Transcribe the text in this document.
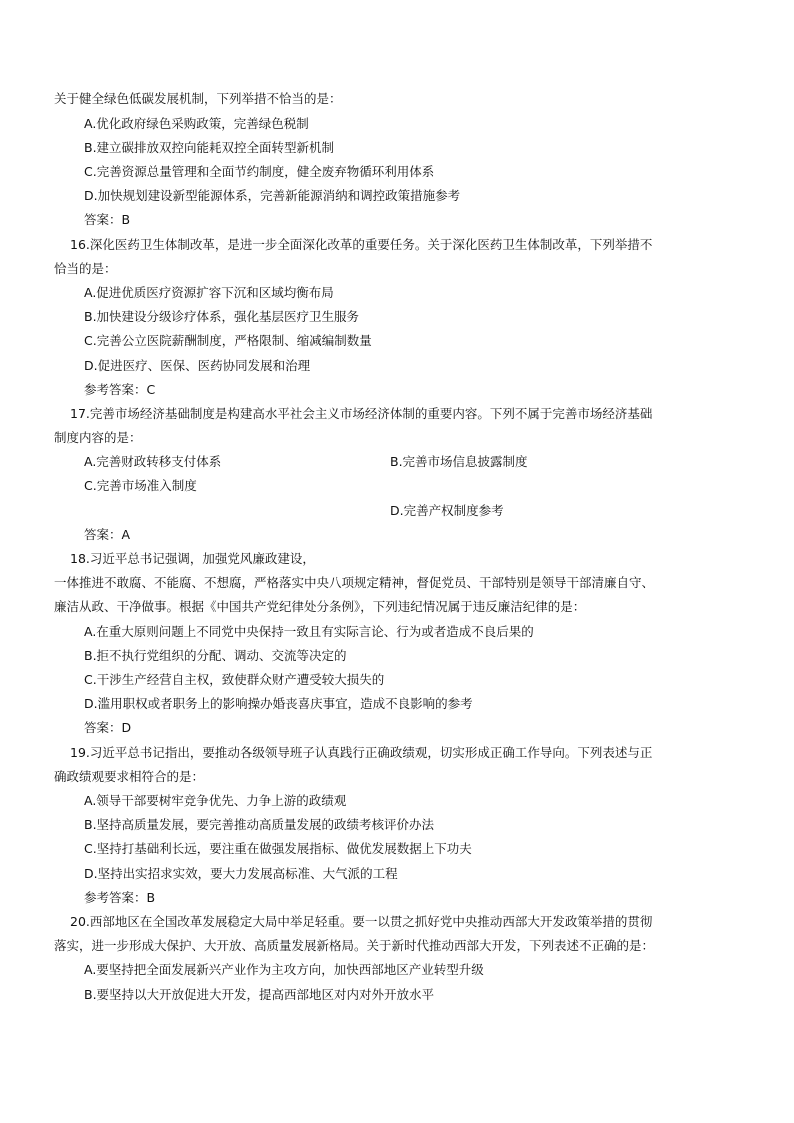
关于健全绿色低碳发展机制，下列举措不恰当的是：
A.优化政府绿色采购政策，完善绿色税制
B.建立碳排放双控向能耗双控全面转型新机制
C.完善资源总量管理和全面节约制度，健全废弃物循环利用体系
D.加快规划建设新型能源体系，完善新能源消纳和调控政策措施参考
答案：B
16.深化医药卫生体制改革，是进一步全面深化改革的重要任务。关于深化医药卫生体制改革，下列举措不
恰当的是：
A.促进优质医疗资源扩容下沉和区域均衡布局
B.加快建设分级诊疗体系，强化基层医疗卫生服务
C.完善公立医院薪酬制度，严格限制、缩减编制数量
D.促进医疗、医保、医药协同发展和治理
参考答案：C
17.完善市场经济基础制度是构建高水平社会主义市场经济体制的重要内容。下列不属于完善市场经济基础
制度内容的是：
A.完善财政转移支付体系	B.完善市场信息披露制度
C.完善市场准入制度
D.完善产权制度参考
答案：A
18.习近平总书记强调，加强党风廉政建设，
一体推进不敢腐、不能腐、不想腐，严格落实中央八项规定精神，督促党员、干部特别是领导干部清廉自守、
廉洁从政、干净做事。根据《中国共产党纪律处分条例》，下列违纪情况属于违反廉洁纪律的是：
A.在重大原则问题上不同党中央保持一致且有实际言论、行为或者造成不良后果的
B.拒不执行党组织的分配、调动、交流等决定的
C.干涉生产经营自主权，致使群众财产遭受较大损失的
D.滥用职权或者职务上的影响操办婚丧喜庆事宜，造成不良影响的参考
答案：D
19.习近平总书记指出，要推动各级领导班子认真践行正确政绩观，切实形成正确工作导向。下列表述与正
确政绩观要求相符合的是：
A.领导干部要树牢竞争优先、力争上游的政绩观
B.坚持高质量发展，要完善推动高质量发展的政绩考核评价办法
C.坚持打基础利长远，要注重在做强发展指标、做优发展数据上下功夫
D.坚持出实招求实效，要大力发展高标准、大气派的工程
参考答案：B
20.西部地区在全国改革发展稳定大局中举足轻重。要一以贯之抓好党中央推动西部大开发政策举措的贯彻
落实，进一步形成大保护、大开放、高质量发展新格局。关于新时代推动西部大开发，下列表述不正确的是：
A.要坚持把全面发展新兴产业作为主攻方向，加快西部地区产业转型升级
B.要坚持以大开放促进大开发，提高西部地区对内对外开放水平
